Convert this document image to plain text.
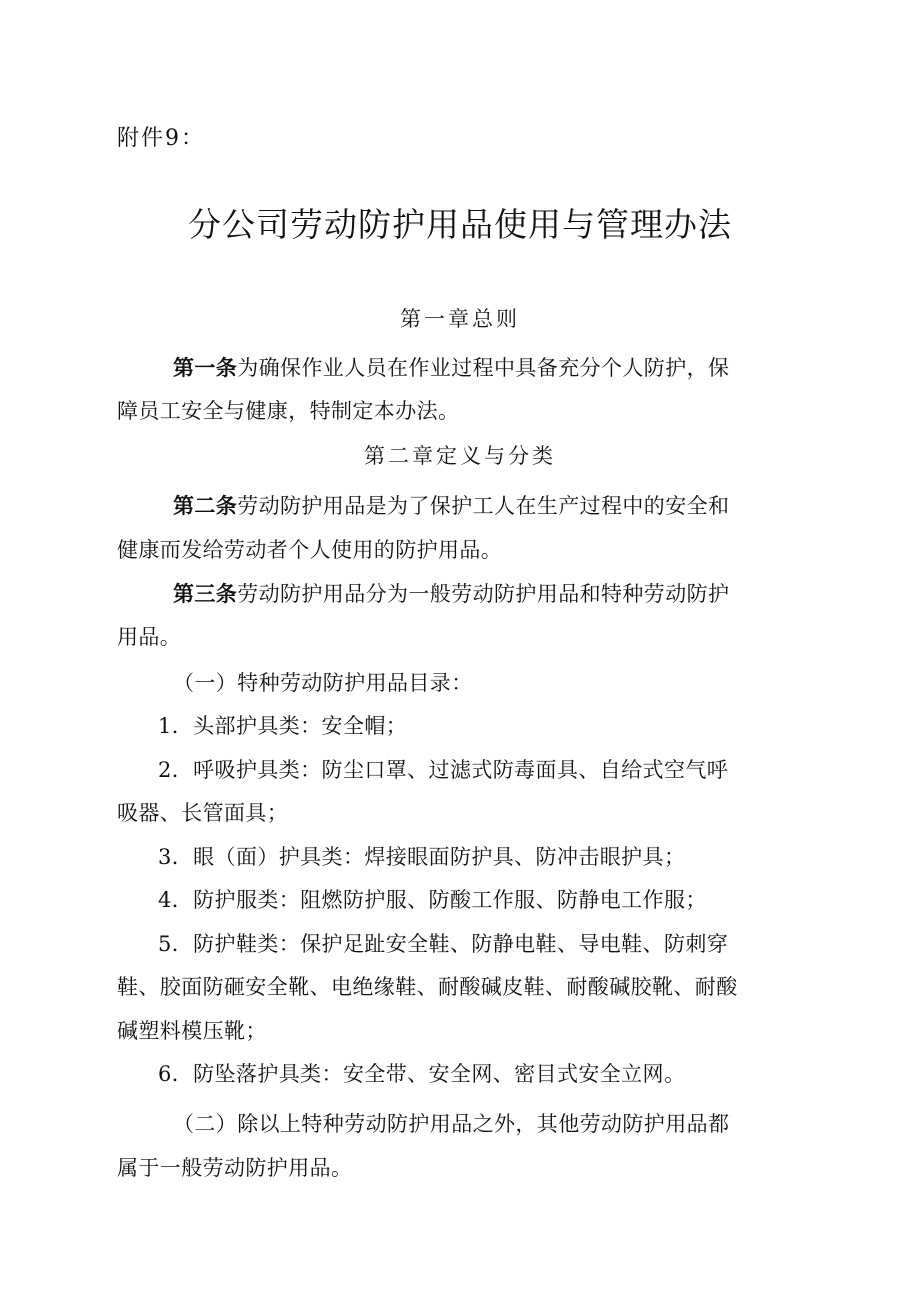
附件9：
分公司劳动防护用品使用与管理办法
第一章总则
第一条为确保作业人员在作业过程中具备充分个人防护，保
障员工安全与健康，特制定本办法。
第二章定义与分类
第二条劳动防护用品是为了保护工人在生产过程中的安全和
健康而发给劳动者个人使用的防护用品。
第三条劳动防护用品分为一般劳动防护用品和特种劳动防护
用品。
（一）特种劳动防护用品目录：
1．头部护具类：安全帽；
2．呼吸护具类：防尘口罩、过滤式防毒面具、自给式空气呼
吸器、长管面具；
3．眼（面）护具类：焊接眼面防护具、防冲击眼护具；
4．防护服类：阻燃防护服、防酸工作服、防静电工作服；
5．防护鞋类：保护足趾安全鞋、防静电鞋、导电鞋、防刺穿
鞋、胶面防砸安全靴、电绝缘鞋、耐酸碱皮鞋、耐酸碱胶靴、耐酸
碱塑料模压靴；
6．防坠落护具类：安全带、安全网、密目式安全立网。
（二）除以上特种劳动防护用品之外，其他劳动防护用品都
属于一般劳动防护用品。
